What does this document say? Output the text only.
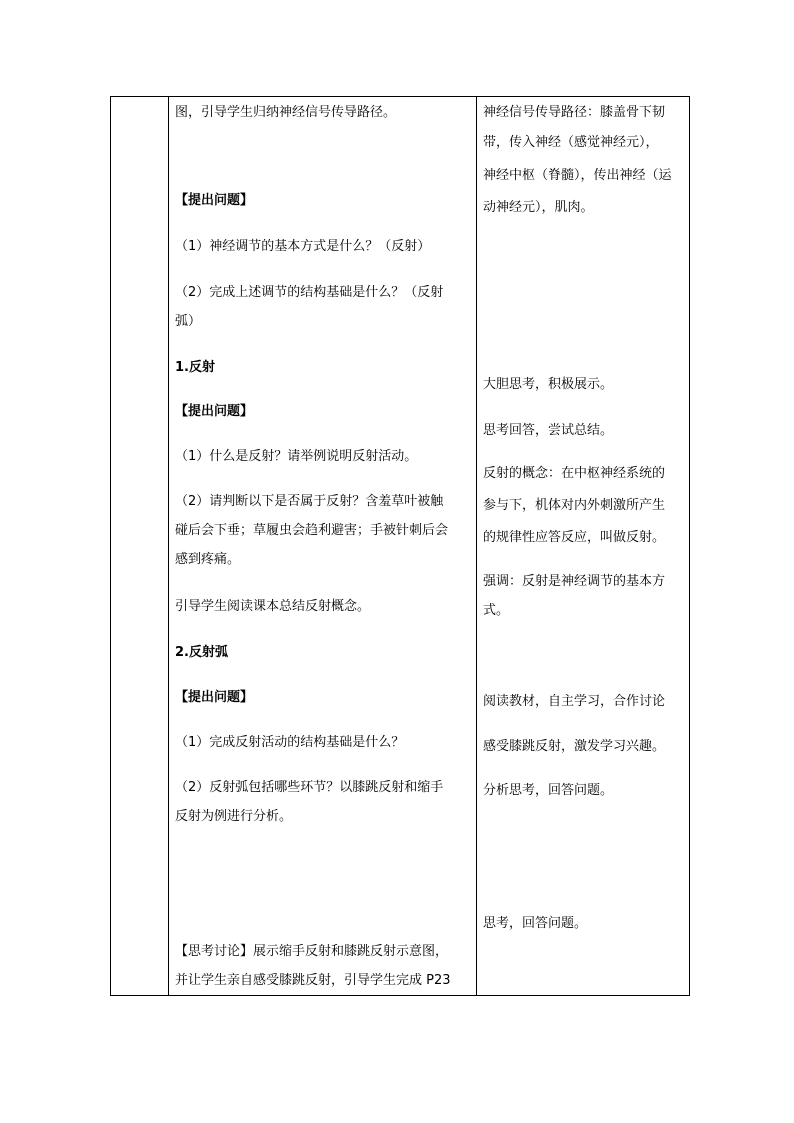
图，引导学生归纳神经信号传导路径。
【提出问题】
（1）神经调节的基本方式是什么？（反射）
（2）完成上述调节的结构基础是什么？（反射
弧）
1.反射
【提出问题】
（1）什么是反射？请举例说明反射活动。
（2）请判断以下是否属于反射？含羞草叶被触
碰后会下垂；草履虫会趋利避害；手被针刺后会
感到疼痛。
引导学生阅读课本总结反射概念。
2.反射弧
【提出问题】
（1）完成反射活动的结构基础是什么？
（2）反射弧包括哪些环节？以膝跳反射和缩手
反射为例进行分析。
【思考讨论】展示缩手反射和膝跳反射示意图，
并让学生亲自感受膝跳反射，引导学生完成 P23
神经信号传导路径：膝盖骨下韧
带，传入神经（感觉神经元），
神经中枢（脊髓），传出神经（运
动神经元），肌肉。
大胆思考，积极展示。
思考回答，尝试总结。
反射的概念：在中枢神经系统的
参与下，机体对内外刺激所产生
的规律性应答反应，叫做反射。
强调：反射是神经调节的基本方
式。
阅读教材，自主学习，合作讨论
感受膝跳反射，激发学习兴趣。
分析思考，回答问题。
思考，回答问题。
